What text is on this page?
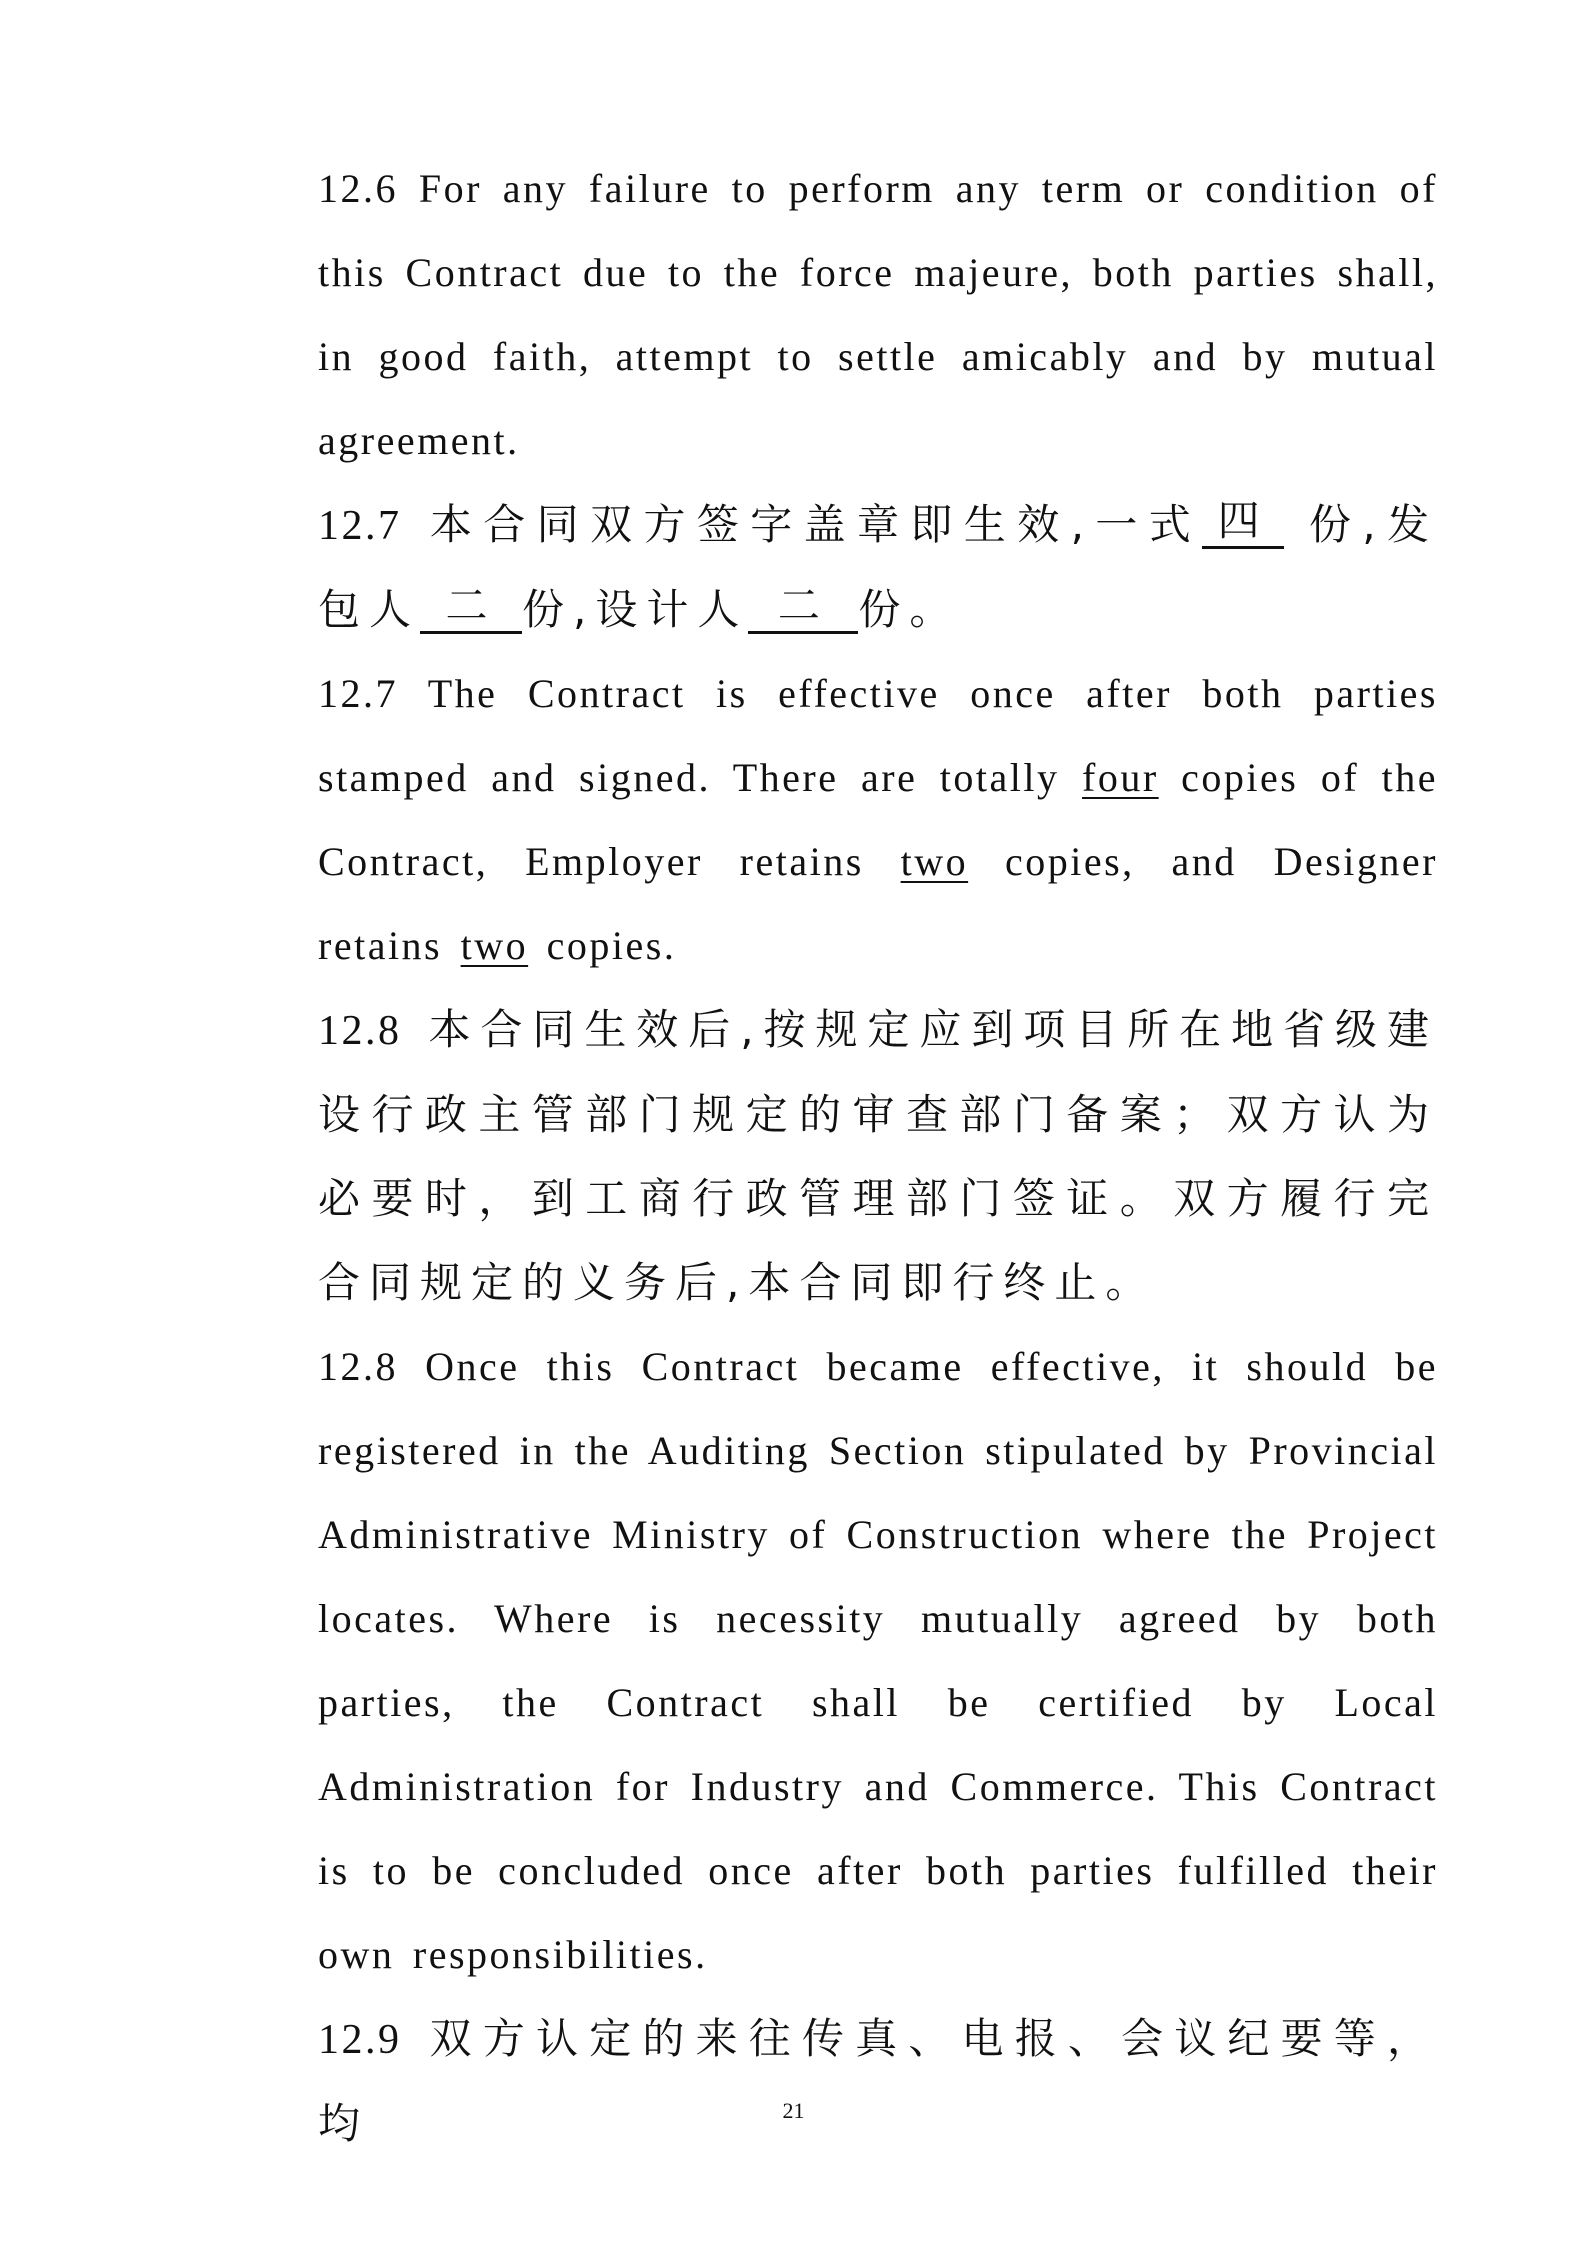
12.6 For any failure to perform any term or condition of this Contract due to the force majeure, both parties shall, in good faith, attempt to settle amicably and by mutual agreement.

12.7 本合同双方签字盖章即生效,一式 四 份,发包人 二 份,设计人 二 份。

12.7 The Contract is effective once after both parties stamped and signed. There are totally four copies of the Contract, Employer retains two copies, and Designer retains two copies.

12.8 本合同生效后,按规定应到项目所在地省级建设行政主管部门规定的审查部门备案；双方认为必要时，到工商行政管理部门签证。双方履行完合同规定的义务后,本合同即行终止。

12.8 Once this Contract became effective, it should be registered in the Auditing Section stipulated by Provincial Administrative Ministry of Construction where the Project locates. Where is necessity mutually agreed by both parties, the Contract shall be certified by Local Administration for Industry and Commerce. This Contract is to be concluded once after both parties fulfilled their own responsibilities.

12.9 双方认定的来往传真、电报、会议纪要等，均	21
